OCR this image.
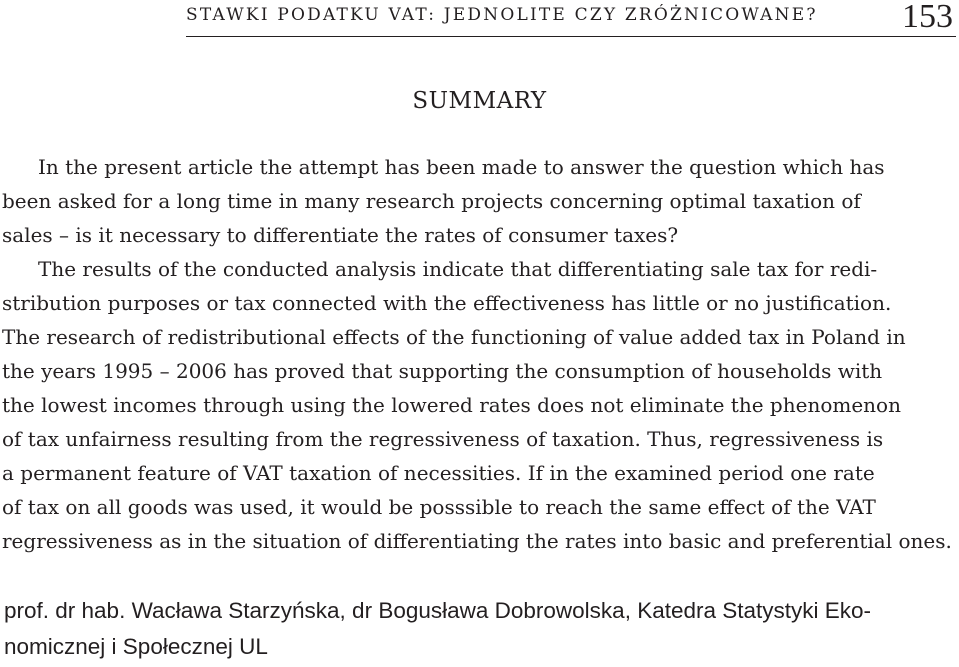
STAWKI PODATKU VAT: JEDNOLITE CZY ZRÓŻNICOWANE? 153
SUMMARY
In the present article the attempt has been made to answer the question which has
been asked for a long time in many research projects concerning optimal taxation of
sales – is it necessary to differentiate the rates of consumer taxes?
The results of the conducted analysis indicate that differentiating sale tax for redi-
stribution purposes or tax connected with the effectiveness has little or no justification.
The research of redistributional effects of the functioning of value added tax in Poland in
the years 1995 – 2006 has proved that supporting the consumption of households with
the lowest incomes through using the lowered rates does not eliminate the phenomenon
of tax unfairness resulting from the regressiveness of taxation. Thus, regressiveness is
a permanent feature of VAT taxation of necessities. If in the examined period one rate
of tax on all goods was used, it would be posssible to reach the same effect of the VAT
regressiveness as in the situation of differentiating the rates into basic and preferential ones.
prof. dr hab. Wacława Starzyńska, dr Bogusława Dobrowolska, Katedra Statystyki Eko-
nomicznej i Społecznej UL
